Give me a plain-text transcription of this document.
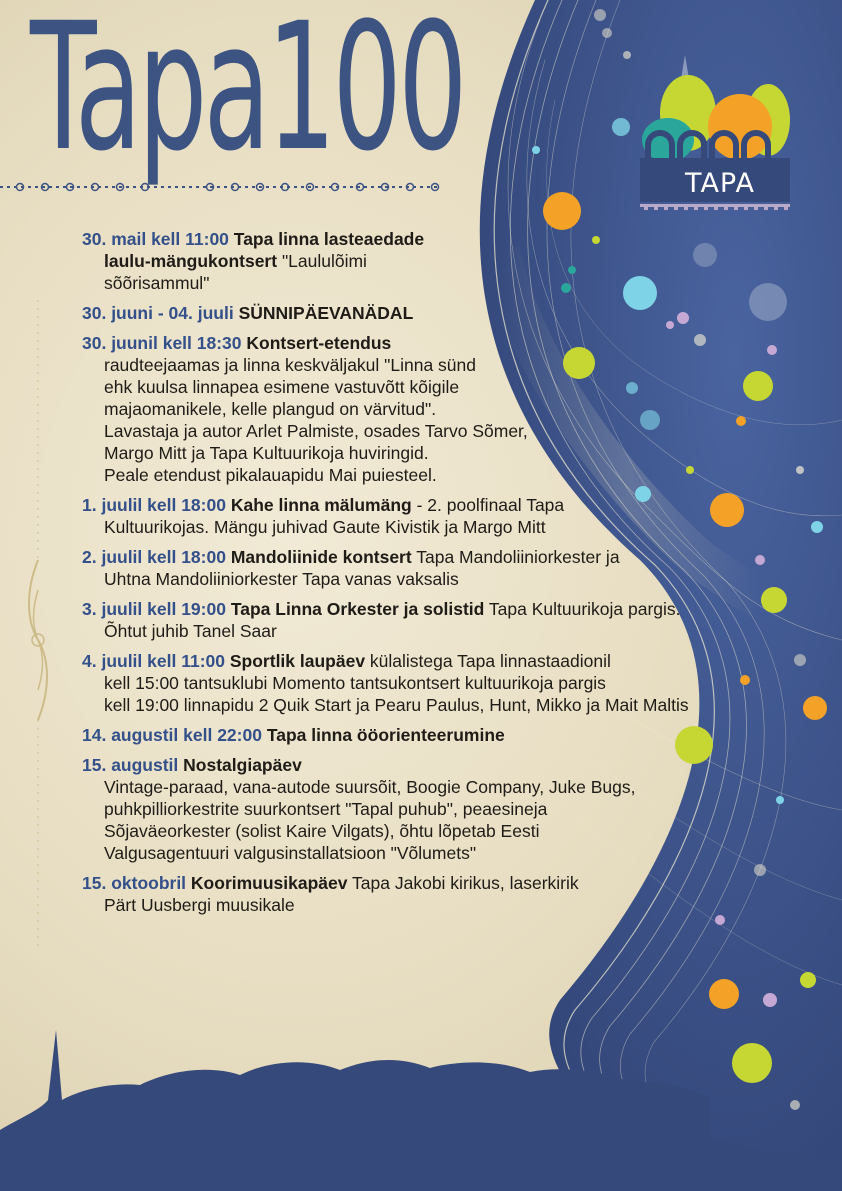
Tapa100	TAPA
30. mail kell 11:00 Tapa linna lasteaedade
laulu-mängukontsert "Laululõimi
sõõrisammul"
30. juuni - 04. juuli SÜNNIPÄEVANÄDAL
30. juunil kell 18:30 Kontsert-etendus
raudteejaamas ja linna keskväljakul "Linna sünd
ehk kuulsa linnapea esimene vastuvõtt kõigile
majaomanikele, kelle plangud on värvitud".
Lavastaja ja autor Arlet Palmiste, osades Tarvo Sõmer,
Margo Mitt ja Tapa Kultuurikoja huviringid.
Peale etendust pikalauapidu Mai puiesteel.
1. juulil kell 18:00 Kahe linna mälumäng - 2. poolfinaal Tapa
Kultuurikojas. Mängu juhivad Gaute Kivistik ja Margo Mitt
2. juulil kell 18:00 Mandoliinide kontsert Tapa Mandoliiniorkester ja
Uhtna Mandoliiniorkester Tapa vanas vaksalis
3. juulil kell 19:00 Tapa Linna Orkester ja solistid Tapa Kultuurikoja pargis.
Õhtut juhib Tanel Saar
4. juulil kell 11:00 Sportlik laupäev külalistega Tapa linnastaadionil
kell 15:00 tantsuklubi Momento tantsukontsert kultuurikoja pargis
kell 19:00 linnapidu 2 Quik Start ja Pearu Paulus, Hunt, Mikko ja Mait Maltis
14. augustil kell 22:00 Tapa linna ööorienteerumine
15. augustil Nostalgiapäev
Vintage-paraad, vana-autode suursõit, Boogie Company, Juke Bugs,
puhkpilliorkestrite suurkontsert "Tapal puhub", peaesineja
Sõjaväeorkester (solist Kaire Vilgats), õhtu lõpetab Eesti
Valgusagentuuri valgusinstallatsioon "Võlumets"
15. oktoobril Koorimuusikapäev Tapa Jakobi kirikus, laserkirik
Pärt Uusbergi muusikale
